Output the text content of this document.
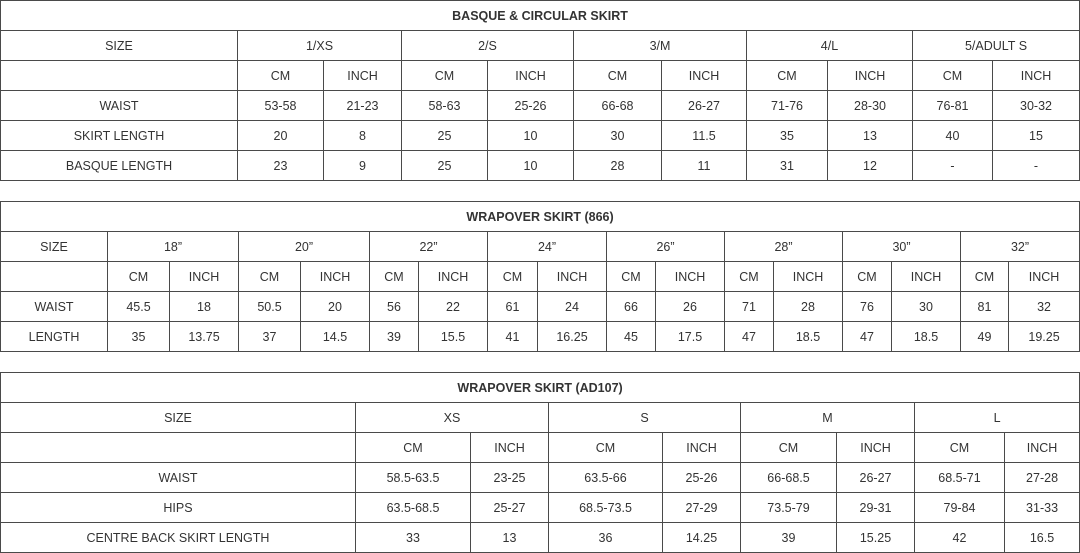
BASQUE & CIRCULAR SKIRT										
SIZE	1/XS		2/S		3/M		4/L		5/ADULT S	
	CM	INCH	CM	INCH	CM	INCH	CM	INCH	CM	INCH
WAIST	53-58	21-23	58-63	25-26	66-68	26-27	71-76	28-30	76-81	30-32
SKIRT LENGTH	20	8	25	10	30	11.5	35	13	40	15
BASQUE LENGTH	23	9	25	10	28	11	31	12	-	-
WRAPOVER SKIRT (866)																
SIZE	18”		20”		22”		24”		26”		28”		30”		32”	
	CM	INCH	CM	INCH	CM	INCH	CM	INCH	CM	INCH	CM	INCH	CM	INCH	CM	INCH
WAIST	45.5	18	50.5	20	56	22	61	24	66	26	71	28	76	30	81	32
LENGTH	35	13.75	37	14.5	39	15.5	41	16.25	45	17.5	47	18.5	47	18.5	49	19.25
WRAPOVER SKIRT (AD107)								
SIZE	XS		S		M		L	
	CM	INCH	CM	INCH	CM	INCH	CM	INCH
WAIST	58.5-63.5	23-25	63.5-66	25-26	66-68.5	26-27	68.5-71	27-28
HIPS	63.5-68.5	25-27	68.5-73.5	27-29	73.5-79	29-31	79-84	31-33
CENTRE BACK SKIRT LENGTH	33	13	36	14.25	39	15.25	42	16.5
